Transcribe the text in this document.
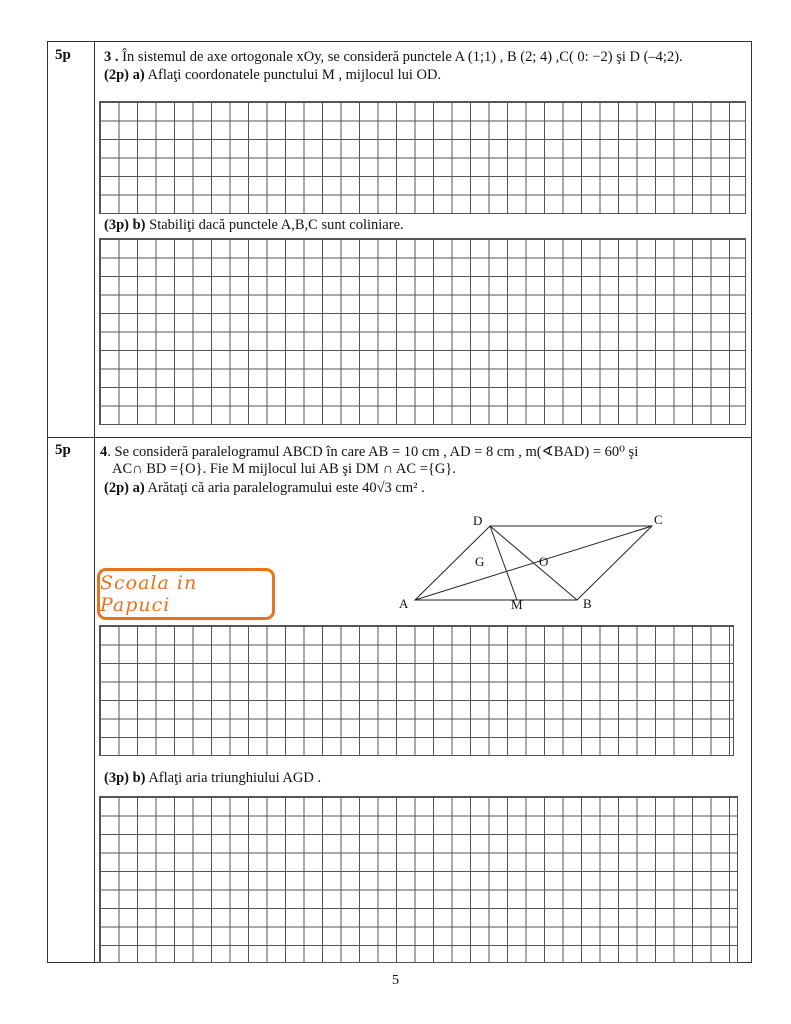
5p 3 . În sistemul de axe ortogonale xOy, se consideră punctele A (1;1) , B (2; 4) ,C( 0: −2) şi D (–4;2).
(2p) a) Aflaţi coordonatele punctului M , mijlocul lui OD.
(3p) b) Stabiliţi dacă punctele A,B,C sunt coliniare.
5p 4. Se consideră paralelogramul ABCD în care AB = 10 cm , AD = 8 cm , m(∢BAD) = 60⁰ şi
AC∩ BD ={O}. Fie M mijlocul lui AB şi DM ∩ AC ={G}.
(2p) a) Arătaţi că aria paralelogramului este 40√3 cm² .
A	B
C
D
M
G	O
Scoala in Papuci
(3p) b) Aflaţi aria triunghiului AGD .
5
